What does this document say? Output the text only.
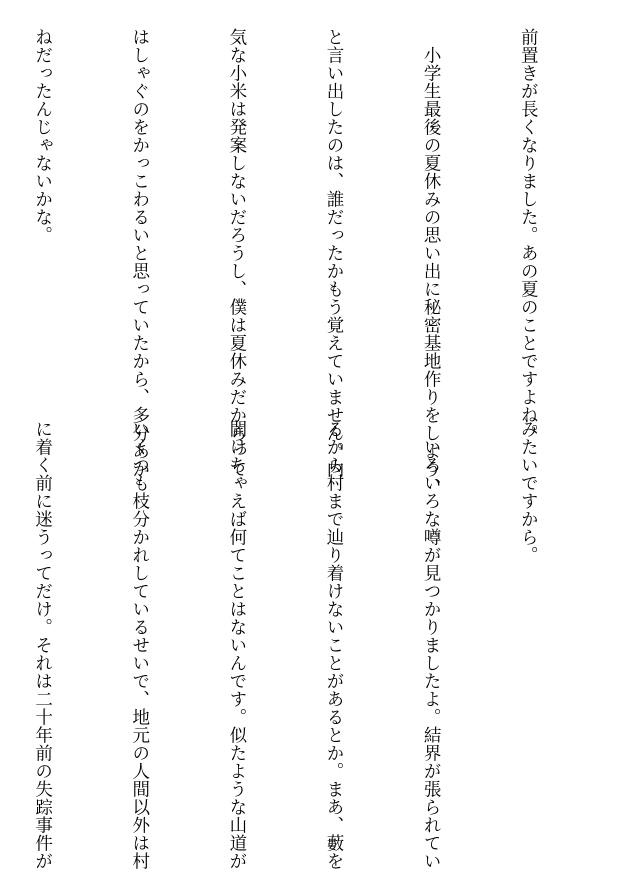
前置きが長くなりました。あの夏のことですよね。

　小学生最後の夏休みの思い出に秘密基地作りをしよう、

と言い出したのは、誰だったかもう覚えていません。内

気な小米は発案しないだろうし、僕は夏休みだからって

はしゃぐのをかっこわるいと思っていたから、多分あか

ねだったんじゃないかな。

みたいですから。

　いろいろな噂が見つかりましたよ。結界が張られてい

るから村まで辿り着けないことがあるとか。まあ、藪を

開けちゃえば何てことはないんです。似たような山道が

いくつも枝分かれしているせいで、地元の人間以外は村

に着く前に迷うってだけ。それは二十年前の失踪事件が
